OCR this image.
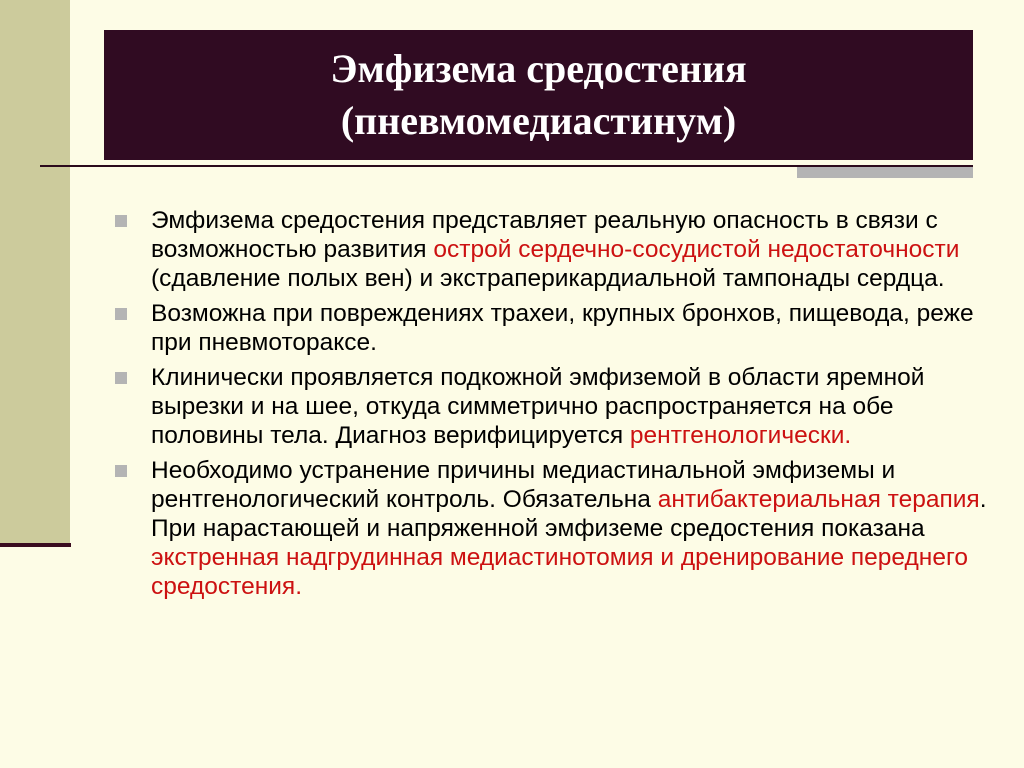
Эмфизема средостения
(пневмомедиастинум)
Эмфизема средостения представляет реальную опасность в связи с возможностью развития острой сердечно-сосудистой недостаточности (сдавление полых вен) и экстраперикардиальной тампонады сердца.
Возможна при повреждениях трахеи, крупных бронхов, пищевода, реже при пневмотораксе.
Клинически проявляется подкожной эмфиземой в области яремной вырезки и на шее, откуда симметрично распространяется на обе половины тела. Диагноз верифицируется рентгенологически.
Необходимо устранение причины медиастинальной эмфиземы и рентгенологический контроль. Обязательна антибактериальная терапия. При нарастающей и напряженной эмфиземе средостения показана экстренная надгрудинная медиастинотомия и дренирование переднего средостения.
